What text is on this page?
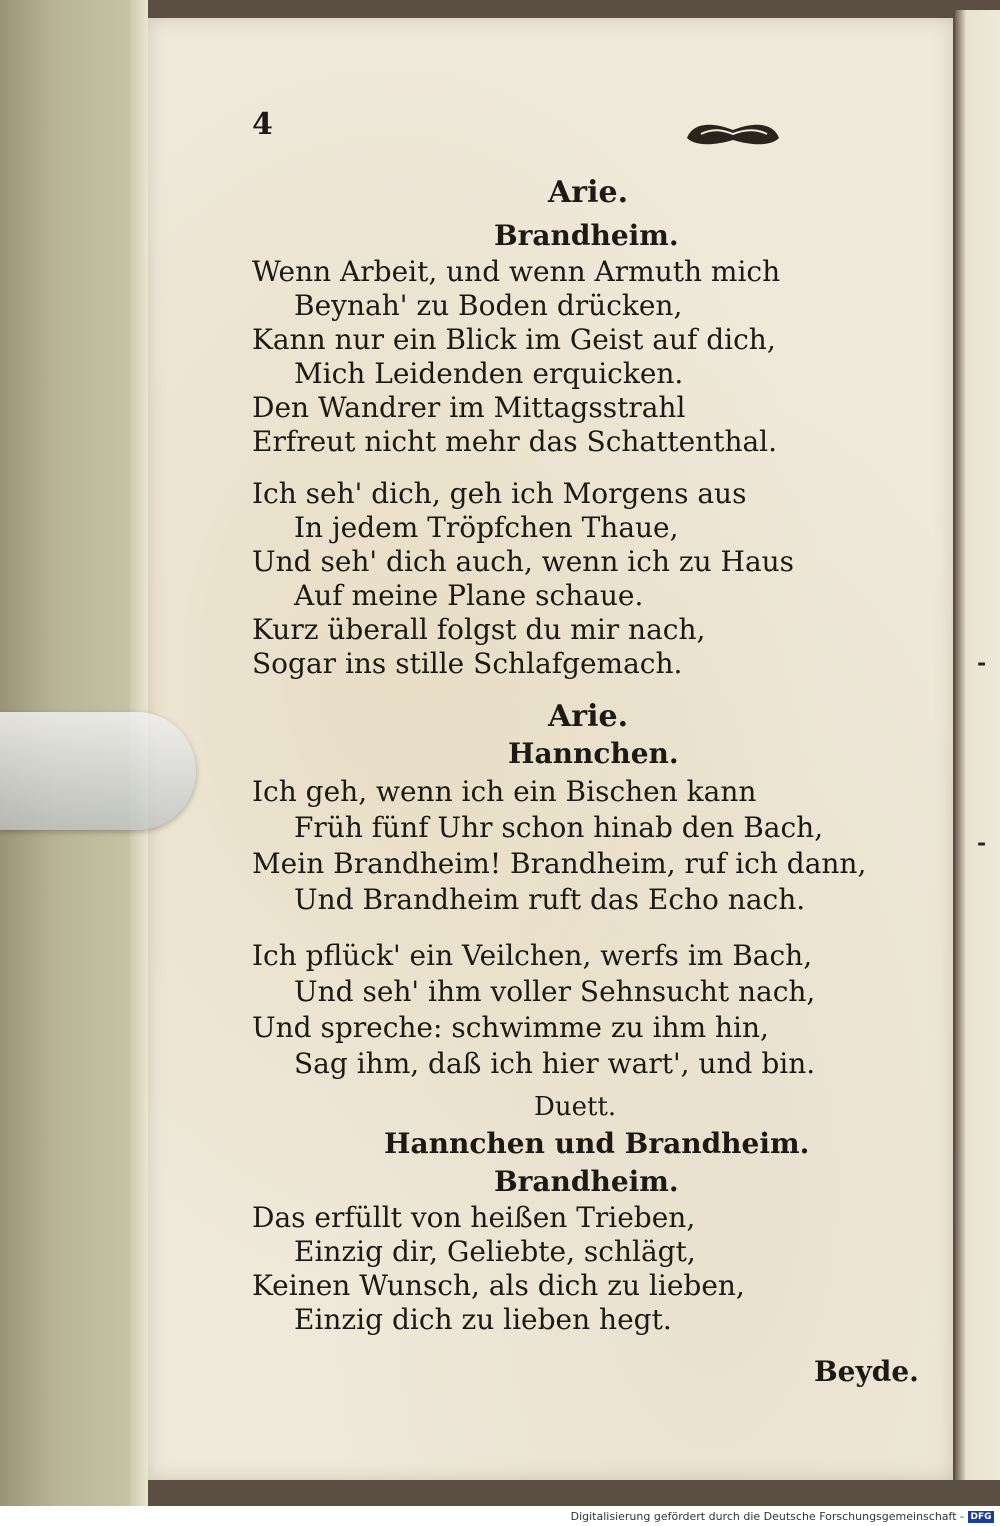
-
-
4
Arie.
Brandheim.
Wenn Arbeit, und wenn Armuth mich
Beynah' zu Boden drücken,
Kann nur ein Blick im Geist auf dich,
Mich Leidenden erquicken.
Den Wandrer im Mittagsstrahl
Erfreut nicht mehr das Schattenthal.
Ich seh' dich, geh ich Morgens aus
In jedem Tröpfchen Thaue,
Und seh' dich auch, wenn ich zu Haus
Auf meine Plane schaue.
Kurz überall folgst du mir nach,
Sogar ins stille Schlafgemach.
Arie.
Hannchen.
Ich geh, wenn ich ein Bischen kann
Früh fünf Uhr schon hinab den Bach,
Mein Brandheim! Brandheim, ruf ich dann,
Und Brandheim ruft das Echo nach.
Ich pflück' ein Veilchen, werfs im Bach,
Und seh' ihm voller Sehnsucht nach,
Und spreche: schwimme zu ihm hin,
Sag ihm, daß ich hier wart', und bin.
Duett.
Hannchen und Brandheim.
Brandheim.
Das erfüllt von heißen Trieben,
Einzig dir, Geliebte, schlägt,
Keinen Wunsch, als dich zu lieben,
Einzig dich zu lieben hegt.
Beyde.
Digitalisierung gefördert durch die Deutsche Forschungsgemeinschaft - DFG
